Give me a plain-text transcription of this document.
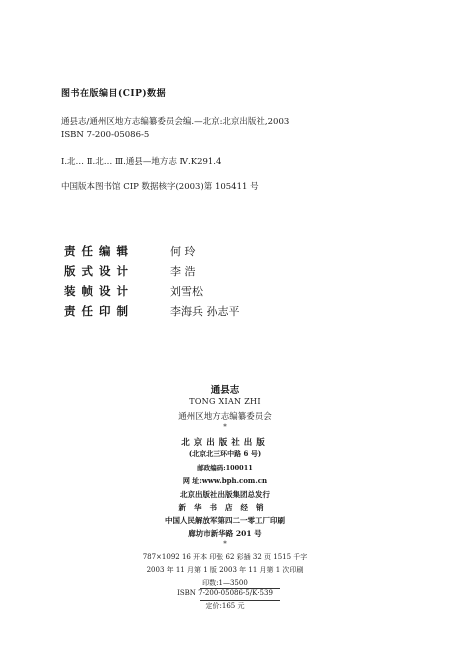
图书在版编目(CIP)数据
通县志/通州区地方志编纂委员会编.—北京:北京出版社,2003
ISBN 7-200-05086-5
Ⅰ.北… Ⅱ.北… Ⅲ.通县—地方志 Ⅳ.K291.4
中国版本图书馆 CIP 数据核字(2003)第 105411 号
责任编辑	何 玲
版式设计	李 浩
装帧设计	刘雪松
责任印制	李海兵 孙志平
通县志
TONG XIAN ZHI
通州区地方志编纂委员会
*
北京出版社出版
(北京北三环中路 6 号)
邮政编码:100011
网 址:www.bph.com.cn
北京出版社出版集团总发行
新华书店经销
中国人民解放军第四二一零工厂印刷
廊坊市新华路 201 号
*
787×1092 16 开本 印张 62 彩插 32 页 1515 千字
2003 年 11 月第 1 版 2003 年 11 月第 1 次印刷
印数:1—3500
ISBN 7-200-05086-5/K·539
定价:165 元
